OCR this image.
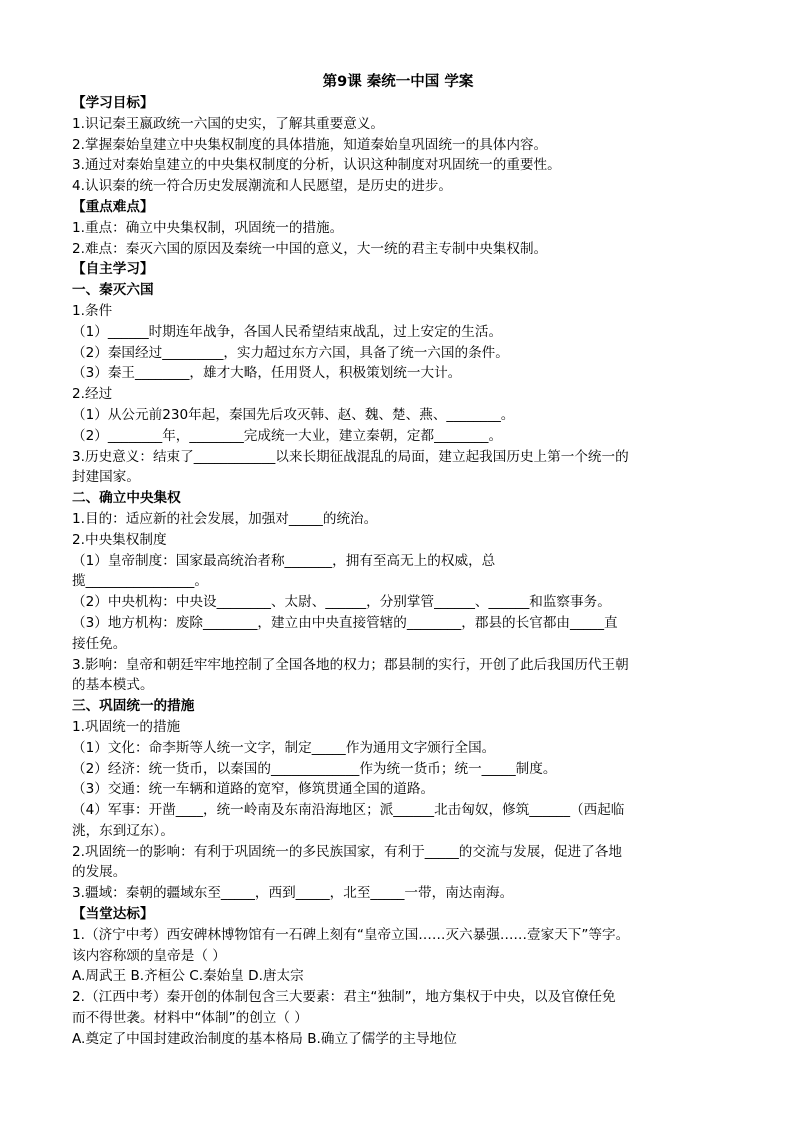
第9课 秦统一中国 学案
【学习目标】
1.识记秦王嬴政统一六国的史实，了解其重要意义。
2.掌握秦始皇建立中央集权制度的具体措施，知道秦始皇巩固统一的具体内容。
3.通过对秦始皇建立的中央集权制度的分析，认识这种制度对巩固统一的重要性。
4.认识秦的统一符合历史发展潮流和人民愿望，是历史的进步。
【重点难点】
1.重点：确立中央集权制，巩固统一的措施。
2.难点：秦灭六国的原因及秦统一中国的意义，大一统的君主专制中央集权制。
【自主学习】
一、秦灭六国
1.条件
（1）______时期连年战争，各国人民希望结束战乱，过上安定的生活。
（2）秦国经过_________，实力超过东方六国，具备了统一六国的条件。
（3）秦王________，雄才大略，任用贤人，积极策划统一大计。
2.经过
（1）从公元前230年起，秦国先后攻灭韩、赵、魏、楚、燕、________。
（2）________年，________完成统一大业，建立秦朝，定都________。
3.历史意义：结束了____________以来长期征战混乱的局面，建立起我国历史上第一个统一的
封建国家。
二、确立中央集权
1.目的：适应新的社会发展，加强对_____的统治。
2.中央集权制度
（1）皇帝制度：国家最高统治者称_______，拥有至高无上的权威，总
揽________________。
（2）中央机构：中央设________、太尉、______，分别掌管______、______和监察事务。
（3）地方机构：废除________，建立由中央直接管辖的________，郡县的长官都由_____直
接任免。
3.影响：皇帝和朝廷牢牢地控制了全国各地的权力；郡县制的实行，开创了此后我国历代王朝
的基本模式。
三、巩固统一的措施
1.巩固统一的措施
（1）文化：命李斯等人统一文字，制定_____作为通用文字颁行全国。
（2）经济：统一货币，以秦国的_____________作为统一货币；统一_____制度。
（3）交通：统一车辆和道路的宽窄，修筑贯通全国的道路。
（4）军事：开凿____，统一岭南及东南沿海地区；派______北击匈奴，修筑______（西起临
洮，东到辽东）。
2.巩固统一的影响：有利于巩固统一的多民族国家，有利于_____的交流与发展，促进了各地
的发展。
3.疆域：秦朝的疆域东至_____，西到_____，北至_____一带，南达南海。
【当堂达标】
1.（济宁中考）西安碑林博物馆有一石碑上刻有“皇帝立国……灭六暴强……壹家天下”等字。
该内容称颂的皇帝是（ ）
A.周武王 B.齐桓公 C.秦始皇 D.唐太宗
2.（江西中考）秦开创的体制包含三大要素：君主“独制”，地方集权于中央，以及官僚任免
而不得世袭。材料中“体制”的创立（ ）
A.奠定了中国封建政治制度的基本格局 B.确立了儒学的主导地位
